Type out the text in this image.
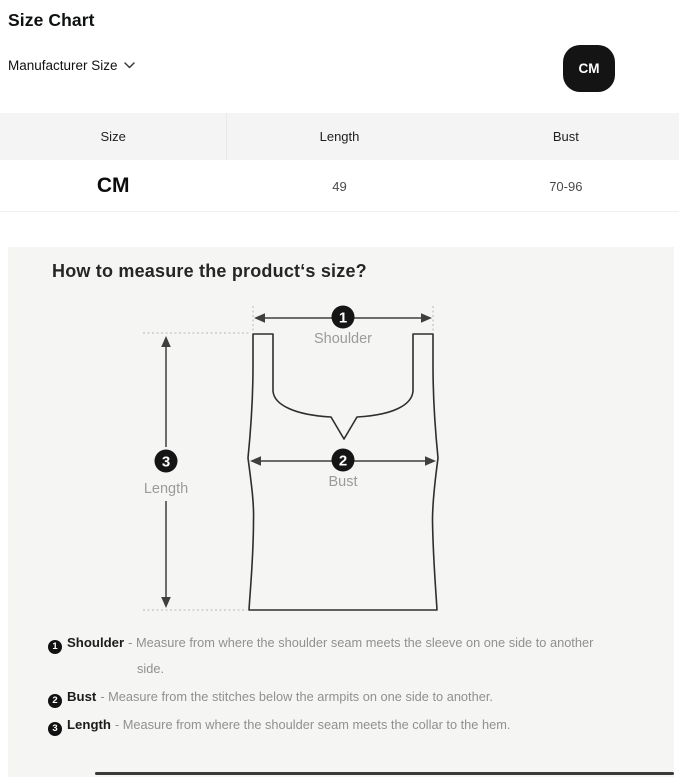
Size Chart
Manufacturer Size	CM
Size	Length	Bust
CM	49	70-96
How to measure the product‘s size?
1
2
3
Shoulder
Bust
Length

1 Shoulder - Measure from where the shoulder seam meets the sleeve on one side to another side.

2 Bust - Measure from the stitches below the armpits on one side to another.

3 Length - Measure from where the shoulder seam meets the collar to the hem.
